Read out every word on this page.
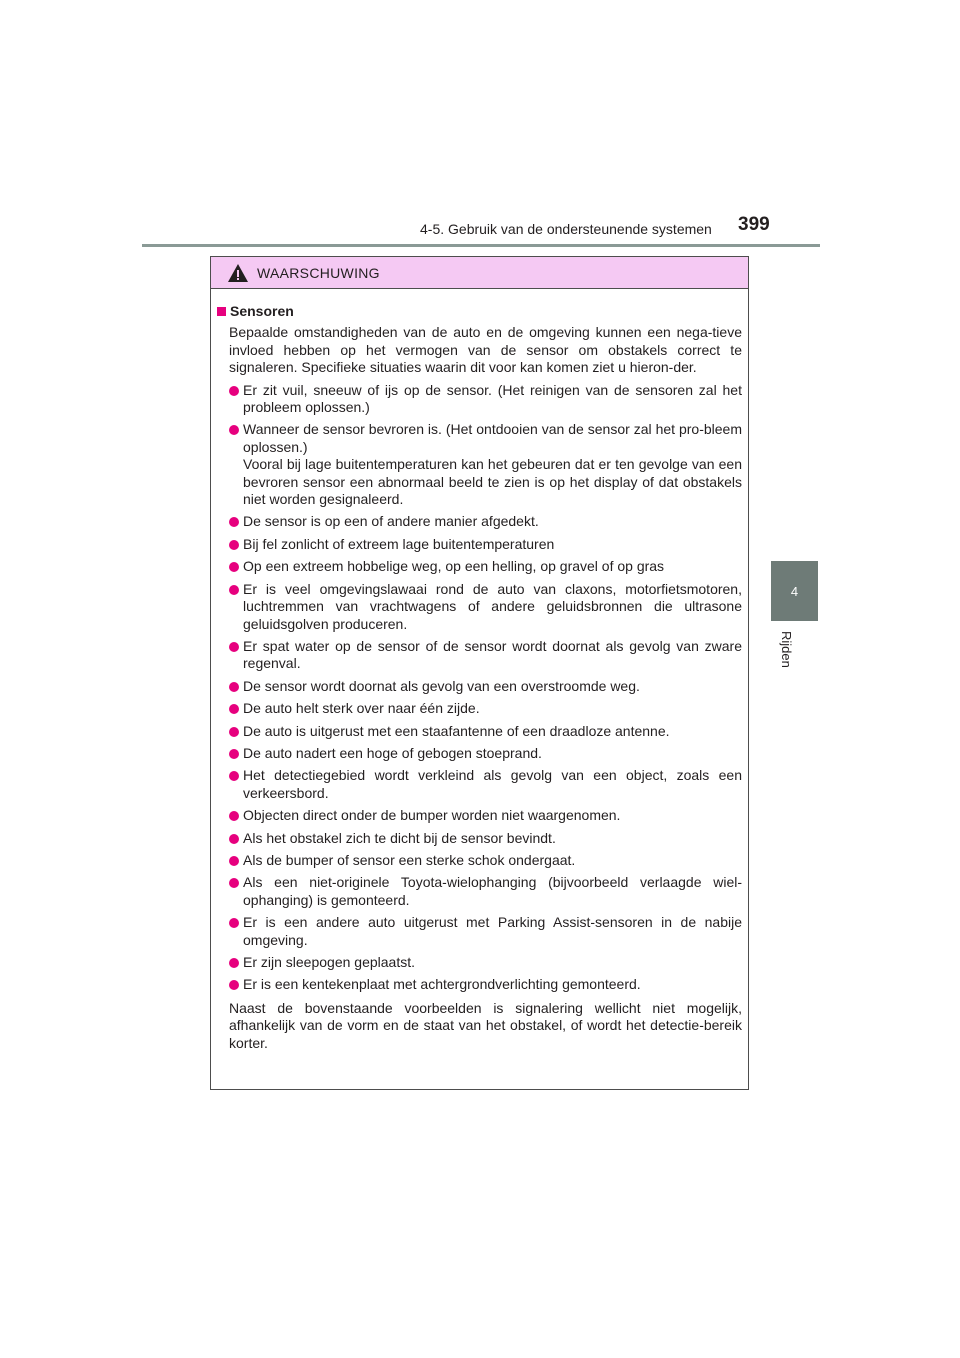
4-5. Gebruik van de ondersteunende systemen 399
4
Rijden
WAARSCHUWING
Sensoren
Bepaalde omstandigheden van de auto en de omgeving kunnen een nega-tieve invloed hebben op het vermogen van de sensor om obstakels correct te signaleren. Specifieke situaties waarin dit voor kan komen ziet u hieron-der.
Er zit vuil, sneeuw of ijs op de sensor. (Het reinigen van de sensoren zal het probleem oplossen.)
Wanneer de sensor bevroren is. (Het ontdooien van de sensor zal het pro-bleem oplossen.)
Vooral bij lage buitentemperaturen kan het gebeuren dat er ten gevolge van een bevroren sensor een abnormaal beeld te zien is op het display of dat obstakels niet worden gesignaleerd.
De sensor is op een of andere manier afgedekt.
Bij fel zonlicht of extreem lage buitentemperaturen
Op een extreem hobbelige weg, op een helling, op gravel of op gras
Er is veel omgevingslawaai rond de auto van claxons, motorfietsmotoren, luchtremmen van vrachtwagens of andere geluidsbronnen die ultrasone geluidsgolven produceren.
Er spat water op de sensor of de sensor wordt doornat als gevolg van zware regenval.
De sensor wordt doornat als gevolg van een overstroomde weg.
De auto helt sterk over naar één zijde.
De auto is uitgerust met een staafantenne of een draadloze antenne.
De auto nadert een hoge of gebogen stoeprand.
Het detectiegebied wordt verkleind als gevolg van een object, zoals een verkeersbord.
Objecten direct onder de bumper worden niet waargenomen.
Als het obstakel zich te dicht bij de sensor bevindt.
Als de bumper of sensor een sterke schok ondergaat.
Als een niet-originele Toyota-wielophanging (bijvoorbeeld verlaagde wiel-ophanging) is gemonteerd.
Er is een andere auto uitgerust met Parking Assist-sensoren in de nabije omgeving.
Er zijn sleepogen geplaatst.
Er is een kentekenplaat met achtergrondverlichting gemonteerd.
Naast de bovenstaande voorbeelden is signalering wellicht niet mogelijk, afhankelijk van de vorm en de staat van het obstakel, of wordt het detectie-bereik korter.
